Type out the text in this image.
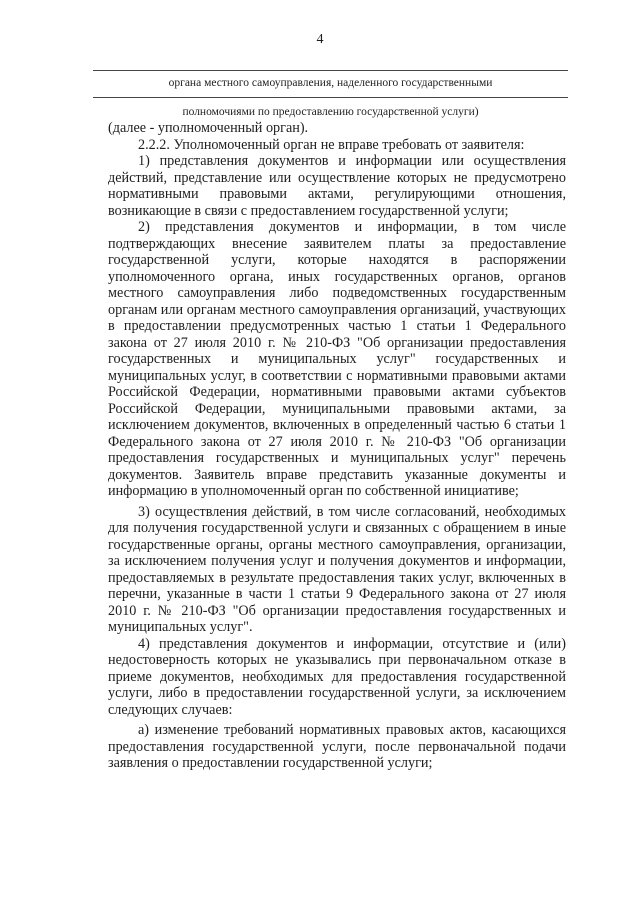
4
органа местного самоуправления, наделенного государственными
полномочиями по предоставлению государственной услуги)

(далее - уполномоченный орган).

2.2.2. Уполномоченный орган не вправе требовать от заявителя:

1) представления документов и информации или осуществления действий, представление или осуществление которых не предусмотрено нормативными правовыми актами, регулирующими отношения, возникающие в связи с предоставлением государственной услуги;

2) представления документов и информации, в том числе подтверждающих внесение заявителем платы за предоставление государственной услуги, которые находятся в распоряжении уполномоченного органа, иных государственных органов, органов местного самоуправления либо подведомственных государственным органам или органам местного самоуправления организаций, участвующих в предоставлении предусмотренных частью 1 статьи 1 Федерального закона от 27 июля 2010 г. № 210-ФЗ "Об организации предоставления государственных и муниципальных услуг" государственных и муниципальных услуг, в соответствии с нормативными правовыми актами Российской Федерации, нормативными правовыми актами субъектов Российской Федерации, муниципальными правовыми актами, за исключением документов, включенных в определенный частью 6 статьи 1 Федерального закона от 27 июля 2010 г. № 210-ФЗ "Об организации предоставления государственных и муниципальных услуг" перечень документов. Заявитель вправе представить указанные документы и информацию в уполномоченный орган по собственной инициативе;

3) осуществления действий, в том числе согласований, необходимых для получения государственной услуги и связанных с обращением в иные государственные органы, органы местного самоуправления, организации, за исключением получения услуг и получения документов и информации, предоставляемых в результате предоставления таких услуг, включенных в перечни, указанные в части 1 статьи 9 Федерального закона от 27 июля 2010 г. № 210-ФЗ "Об организации предоставления государственных и муниципальных услуг".

4) представления документов и информации, отсутствие и (или) недостоверность которых не указывались при первоначальном отказе в приеме документов, необходимых для предоставления государственной услуги, либо в предоставлении государственной услуги, за исключением следующих случаев:

а) изменение требований нормативных правовых актов, касающихся предоставления государственной услуги, после первоначальной подачи заявления о предоставлении государственной услуги;
